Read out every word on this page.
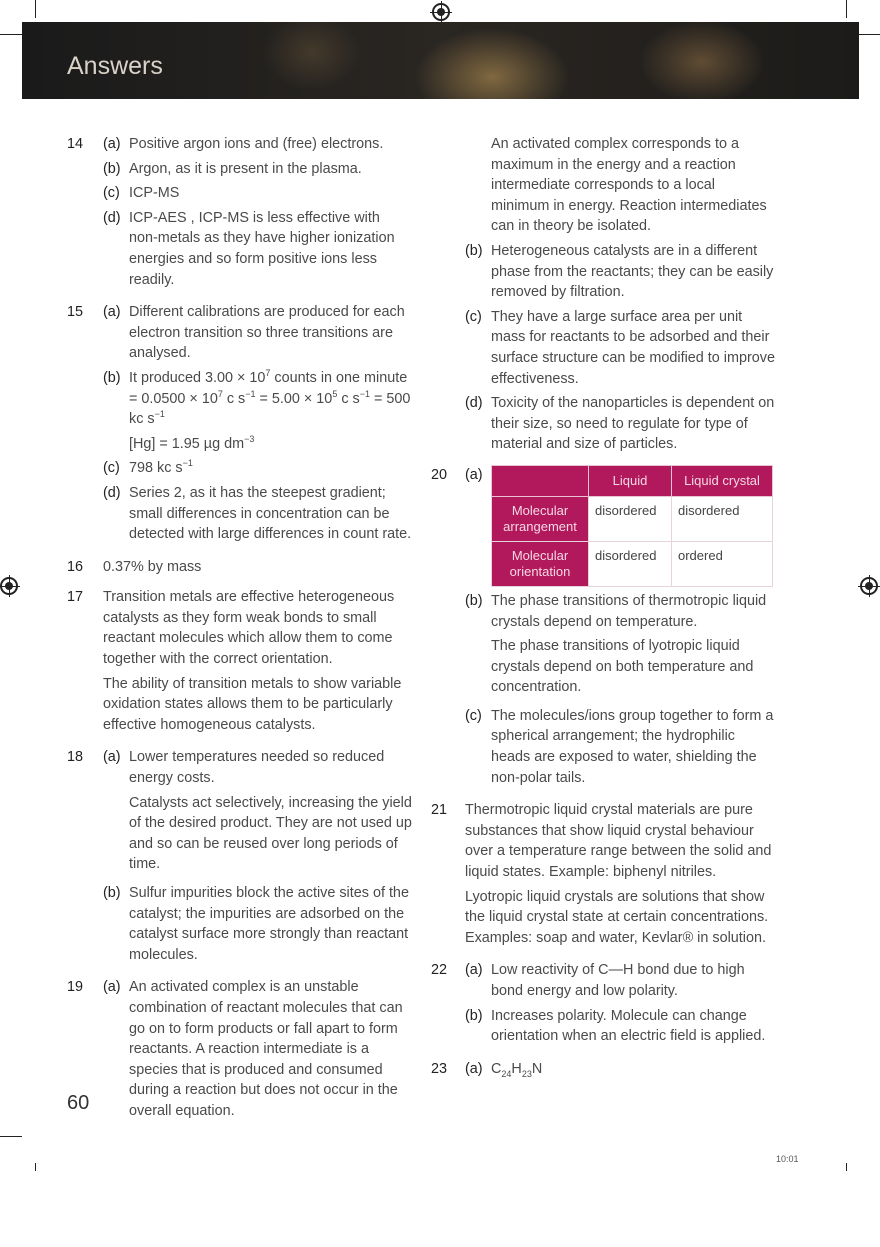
Answers
14	(a) Positive argon ions and (free) electrons.
(b) Argon, as it is present in the plasma.
(c) ICP-MS
(d) ICP-AES , ICP-MS is less effective with non-metals as they have higher ionization energies and so form positive ions less readily.
15	(a) Different calibrations are produced for each electron transition so three transitions are analysed.
(b) It produced $3.00 \times 10^7$ counts in one minute = $0.0500 \times 10^7$ c $s^{-1} = 5.00 \times 10^5$ c $s^{-1} = 500$ kc $s^{-1}$
[Hg] = 1.95 µg $dm^{-3}$
(c) 798 kc $s^{-1}$
(d) Series 2, as it has the steepest gradient; small differences in concentration can be detected with large differences in count rate.
16	0.37% by mass
17	Transition metals are effective heterogeneous catalysts as they form weak bonds to small reactant molecules which allow them to come together with the correct orientation.
The ability of transition metals to show variable oxidation states allows them to be particularly effective homogeneous catalysts.
18	(a) Lower temperatures needed so reduced energy costs.
Catalysts act selectively, increasing the yield of the desired product. They are not used up and so can be reused over long periods of time.
(b) Sulfur impurities block the active sites of the catalyst; the impurities are adsorbed on the catalyst surface more strongly than reactant molecules.
19	(a) An activated complex is an unstable combination of reactant molecules that can go on to form products or fall apart to form reactants. A reaction intermediate is a species that is produced and consumed during a reaction but does not occur in the overall equation.
An activated complex corresponds to a maximum in the energy and a reaction intermediate corresponds to a local minimum in energy. Reaction intermediates can in theory be isolated.
(b) Heterogeneous catalysts are in a different phase from the reactants; they can be easily removed by filtration.
(c) They have a large surface area per unit mass for reactants to be adsorbed and their surface structure can be modified to improve effectiveness.
(d) Toxicity of the nanoparticles is dependent on their size, so need to regulate for type of material and size of particles.
20	(a)
		Liquid	Liquid crystal
Molecular arrangement	disordered	disordered
Molecular orientation	disordered	ordered
(b) The phase transitions of thermotropic liquid crystals depend on temperature.
The phase transitions of lyotropic liquid crystals depend on both temperature and concentration.
(c) The molecules/ions group together to form a spherical arrangement; the hydrophilic heads are exposed to water, shielding the non-polar tails.
21	Thermotropic liquid crystal materials are pure substances that show liquid crystal behaviour over a temperature range between the solid and liquid states. Example: biphenyl nitriles.
Lyotropic liquid crystals are solutions that show the liquid crystal state at certain concentrations. Examples: soap and water, Kevlar® in solution.
22	(a) Low reactivity of C—H bond due to high bond energy and low polarity.
(b) Increases polarity. Molecule can change orientation when an electric field is applied.
23	(a) $C_{24}H_{23}N$
60
10:01
